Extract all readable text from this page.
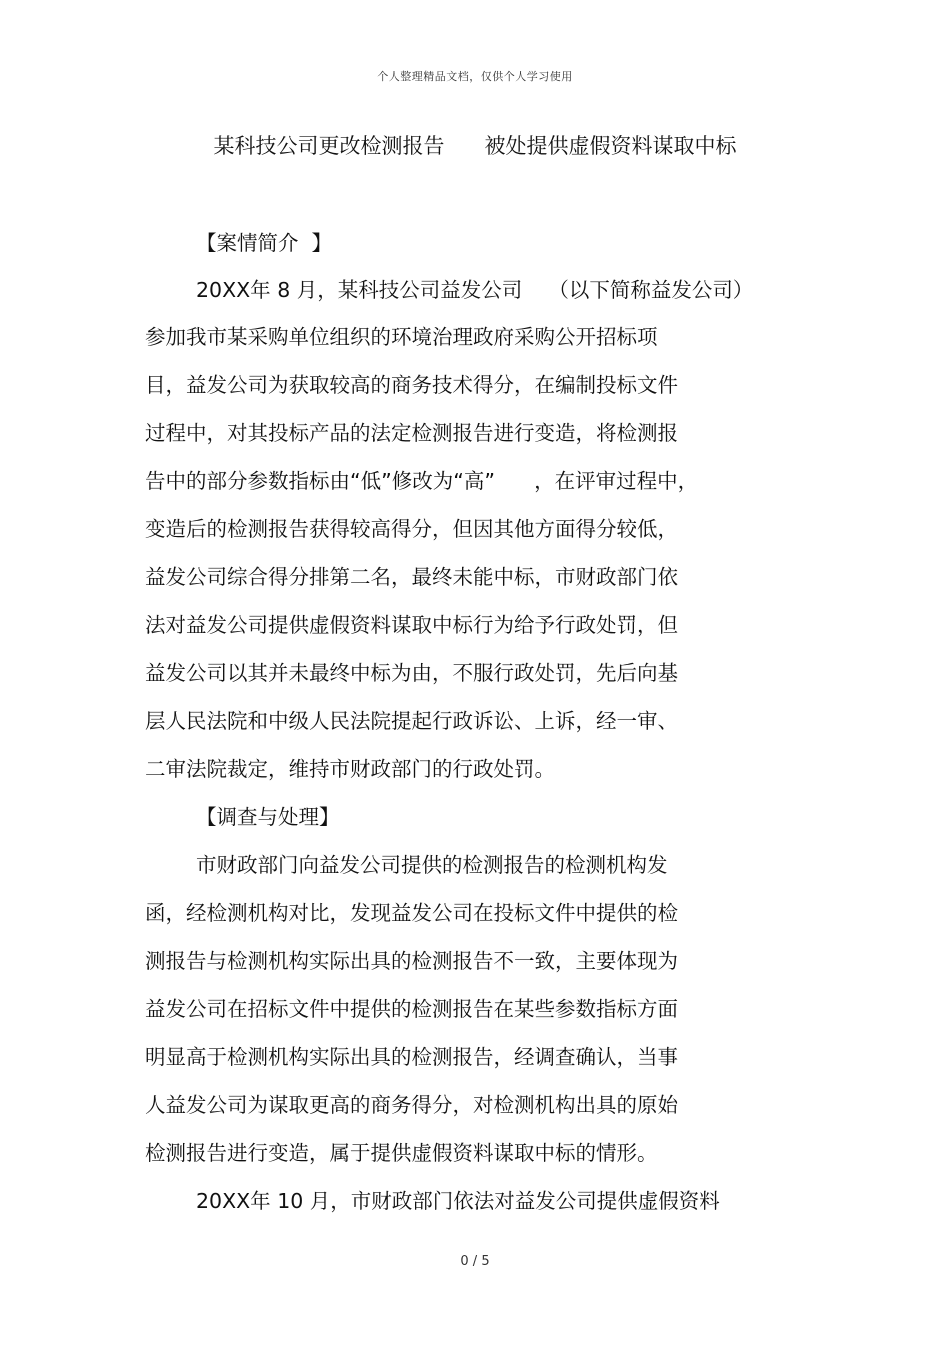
个人整理精品文档，仅供个人学习使用
某科技公司更改检测报告      被处提供虚假资料谋取中标
【案情简介  】
20XX年 8 月，某科技公司益发公司    （以下简称益发公司）
参加我市某采购单位组织的环境治理政府采购公开招标项
目，益发公司为获取较高的商务技术得分，在编制投标文件
过程中，对其投标产品的法定检测报告进行变造，将检测报
告中的部分参数指标由“低”修改为“高”      ，在评审过程中，
变造后的检测报告获得较高得分，但因其他方面得分较低，
益发公司综合得分排第二名，最终未能中标，市财政部门依
法对益发公司提供虚假资料谋取中标行为给予行政处罚，但
益发公司以其并未最终中标为由，不服行政处罚，先后向基
层人民法院和中级人民法院提起行政诉讼、上诉，经一审、
二审法院裁定，维持市财政部门的行政处罚。
【调查与处理】
市财政部门向益发公司提供的检测报告的检测机构发
函，经检测机构对比，发现益发公司在投标文件中提供的检
测报告与检测机构实际出具的检测报告不一致，主要体现为
益发公司在招标文件中提供的检测报告在某些参数指标方面
明显高于检测机构实际出具的检测报告，经调查确认，当事
人益发公司为谋取更高的商务得分，对检测机构出具的原始
检测报告进行变造，属于提供虚假资料谋取中标的情形。
20XX年 10 月，市财政部门依法对益发公司提供虚假资料
0 / 5
